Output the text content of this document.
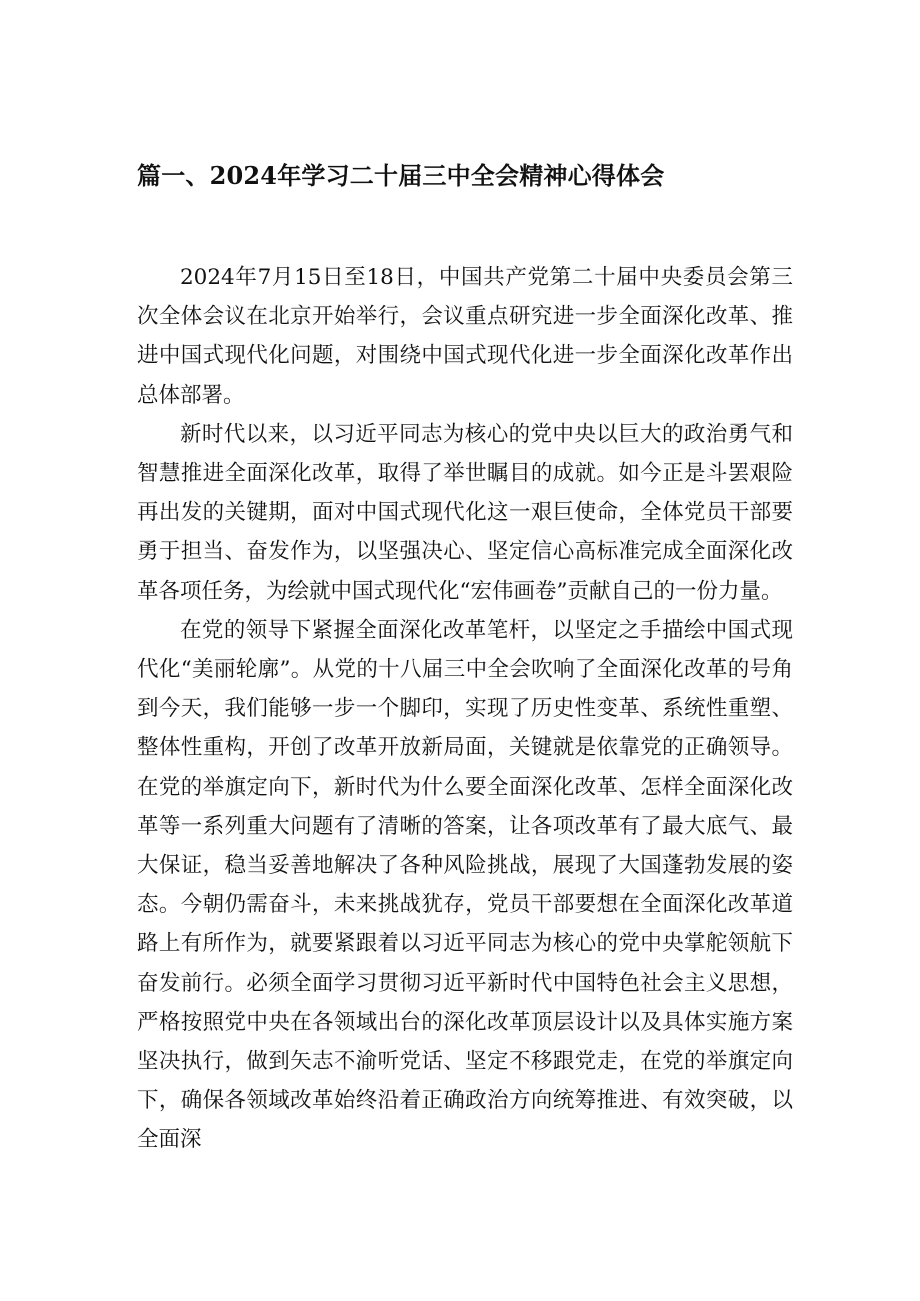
篇一、2024年学习二十届三中全会精神心得体会

2024年7月15日至18日，中国共产党第二十届中央委员会第三次全体会议在北京开始举行，会议重点研究进一步全面深化改革、推进中国式现代化问题，对围绕中国式现代化进一步全面深化改革作出总体部署。

新时代以来，以习近平同志为核心的党中央以巨大的政治勇气和智慧推进全面深化改革，取得了举世瞩目的成就。如今正是斗罢艰险再出发的关键期，面对中国式现代化这一艰巨使命，全体党员干部要勇于担当、奋发作为，以坚强决心、坚定信心高标准完成全面深化改革各项任务，为绘就中国式现代化“宏伟画卷”贡献自己的一份力量。

在党的领导下紧握全面深化改革笔杆，以坚定之手描绘中国式现代化“美丽轮廓”。从党的十八届三中全会吹响了全面深化改革的号角到今天，我们能够一步一个脚印，实现了历史性变革、系统性重塑、整体性重构，开创了改革开放新局面，关键就是依靠党的正确领导。在党的举旗定向下，新时代为什么要全面深化改革、怎样全面深化改革等一系列重大问题有了清晰的答案，让各项改革有了最大底气、最大保证，稳当妥善地解决了各种风险挑战，展现了大国蓬勃发展的姿态。今朝仍需奋斗，未来挑战犹存，党员干部要想在全面深化改革道路上有所作为，就要紧跟着以习近平同志为核心的党中央掌舵领航下奋发前行。必须全面学习贯彻习近平新时代中国特色社会主义思想，严格按照党中央在各领域出台的深化改革顶层设计以及具体实施方案坚决执行，做到矢志不渝听党话、坚定不移跟党走，在党的举旗定向下，确保各领域改革始终沿着正确政治方向统筹推进、有效突破，以全面深
